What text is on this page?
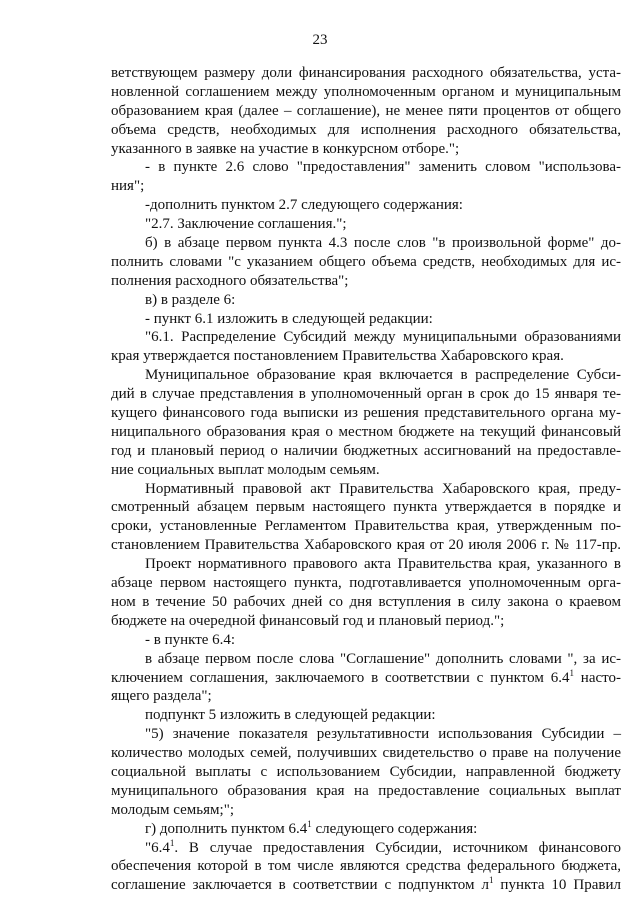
23
ветствующем размеру доли финансирования расходного обязательства, уста-
новленной соглашением между уполномоченным органом и муниципальным
образованием края (далее – соглашение), не менее пяти процентов от общего
объема средств, необходимых для исполнения расходного обязательства,
указанного в заявке на участие в конкурсном отборе.";
- в пункте 2.6 слово "предоставления" заменить словом "использова-
ния";
-дополнить пунктом 2.7 следующего содержания:
"2.7. Заключение соглашения.";
б) в абзаце первом пункта 4.3 после слов "в произвольной форме" до-
полнить словами "с указанием общего объема средств, необходимых для ис-
полнения расходного обязательства";
в) в разделе 6:
- пункт 6.1 изложить в следующей редакции:
"6.1. Распределение Субсидий между муниципальными образованиями
края утверждается постановлением Правительства Хабаровского края.
Муниципальное образование края включается в распределение Субси-
дий в случае представления в уполномоченный орган в срок до 15 января те-
кущего финансового года выписки из решения представительного органа му-
ниципального образования края о местном бюджете на текущий финансовый
год и плановый период о наличии бюджетных ассигнований на предоставле-
ние социальных выплат молодым семьям.
Нормативный правовой акт Правительства Хабаровского края, преду-
смотренный абзацем первым настоящего пункта утверждается в порядке и
сроки, установленные Регламентом Правительства края, утвержденным по-
становлением Правительства Хабаровского края от 20 июля 2006 г. № 117-пр.
Проект нормативного правового акта Правительства края, указанного в
абзаце первом настоящего пункта, подготавливается уполномоченным орга-
ном в течение 50 рабочих дней со дня вступления в силу закона о краевом
бюджете на очередной финансовый год и плановый период.";
- в пункте 6.4:
в абзаце первом после слова "Соглашение" дополнить словами ", за ис-
ключением соглашения, заключаемого в соответствии с пунктом $6.4^1$ насто-
ящего раздела";
подпункт 5 изложить в следующей редакции:
"5) значение показателя результативности использования Субсидии –
количество молодых семей, получивших свидетельство о праве на получение
социальной выплаты с использованием Субсидии, направленной бюджету
муниципального образования края на предоставление социальных выплат
молодым семьям;";
г) дополнить пунктом $6.4^1$ следующего содержания:
"$6.4^1$. В случае предоставления Субсидии, источником финансового
обеспечения которой в том числе являются средства федерального бюджета,
соглашение заключается в соответствии с подпунктом $л^1$ пункта 10 Правил
